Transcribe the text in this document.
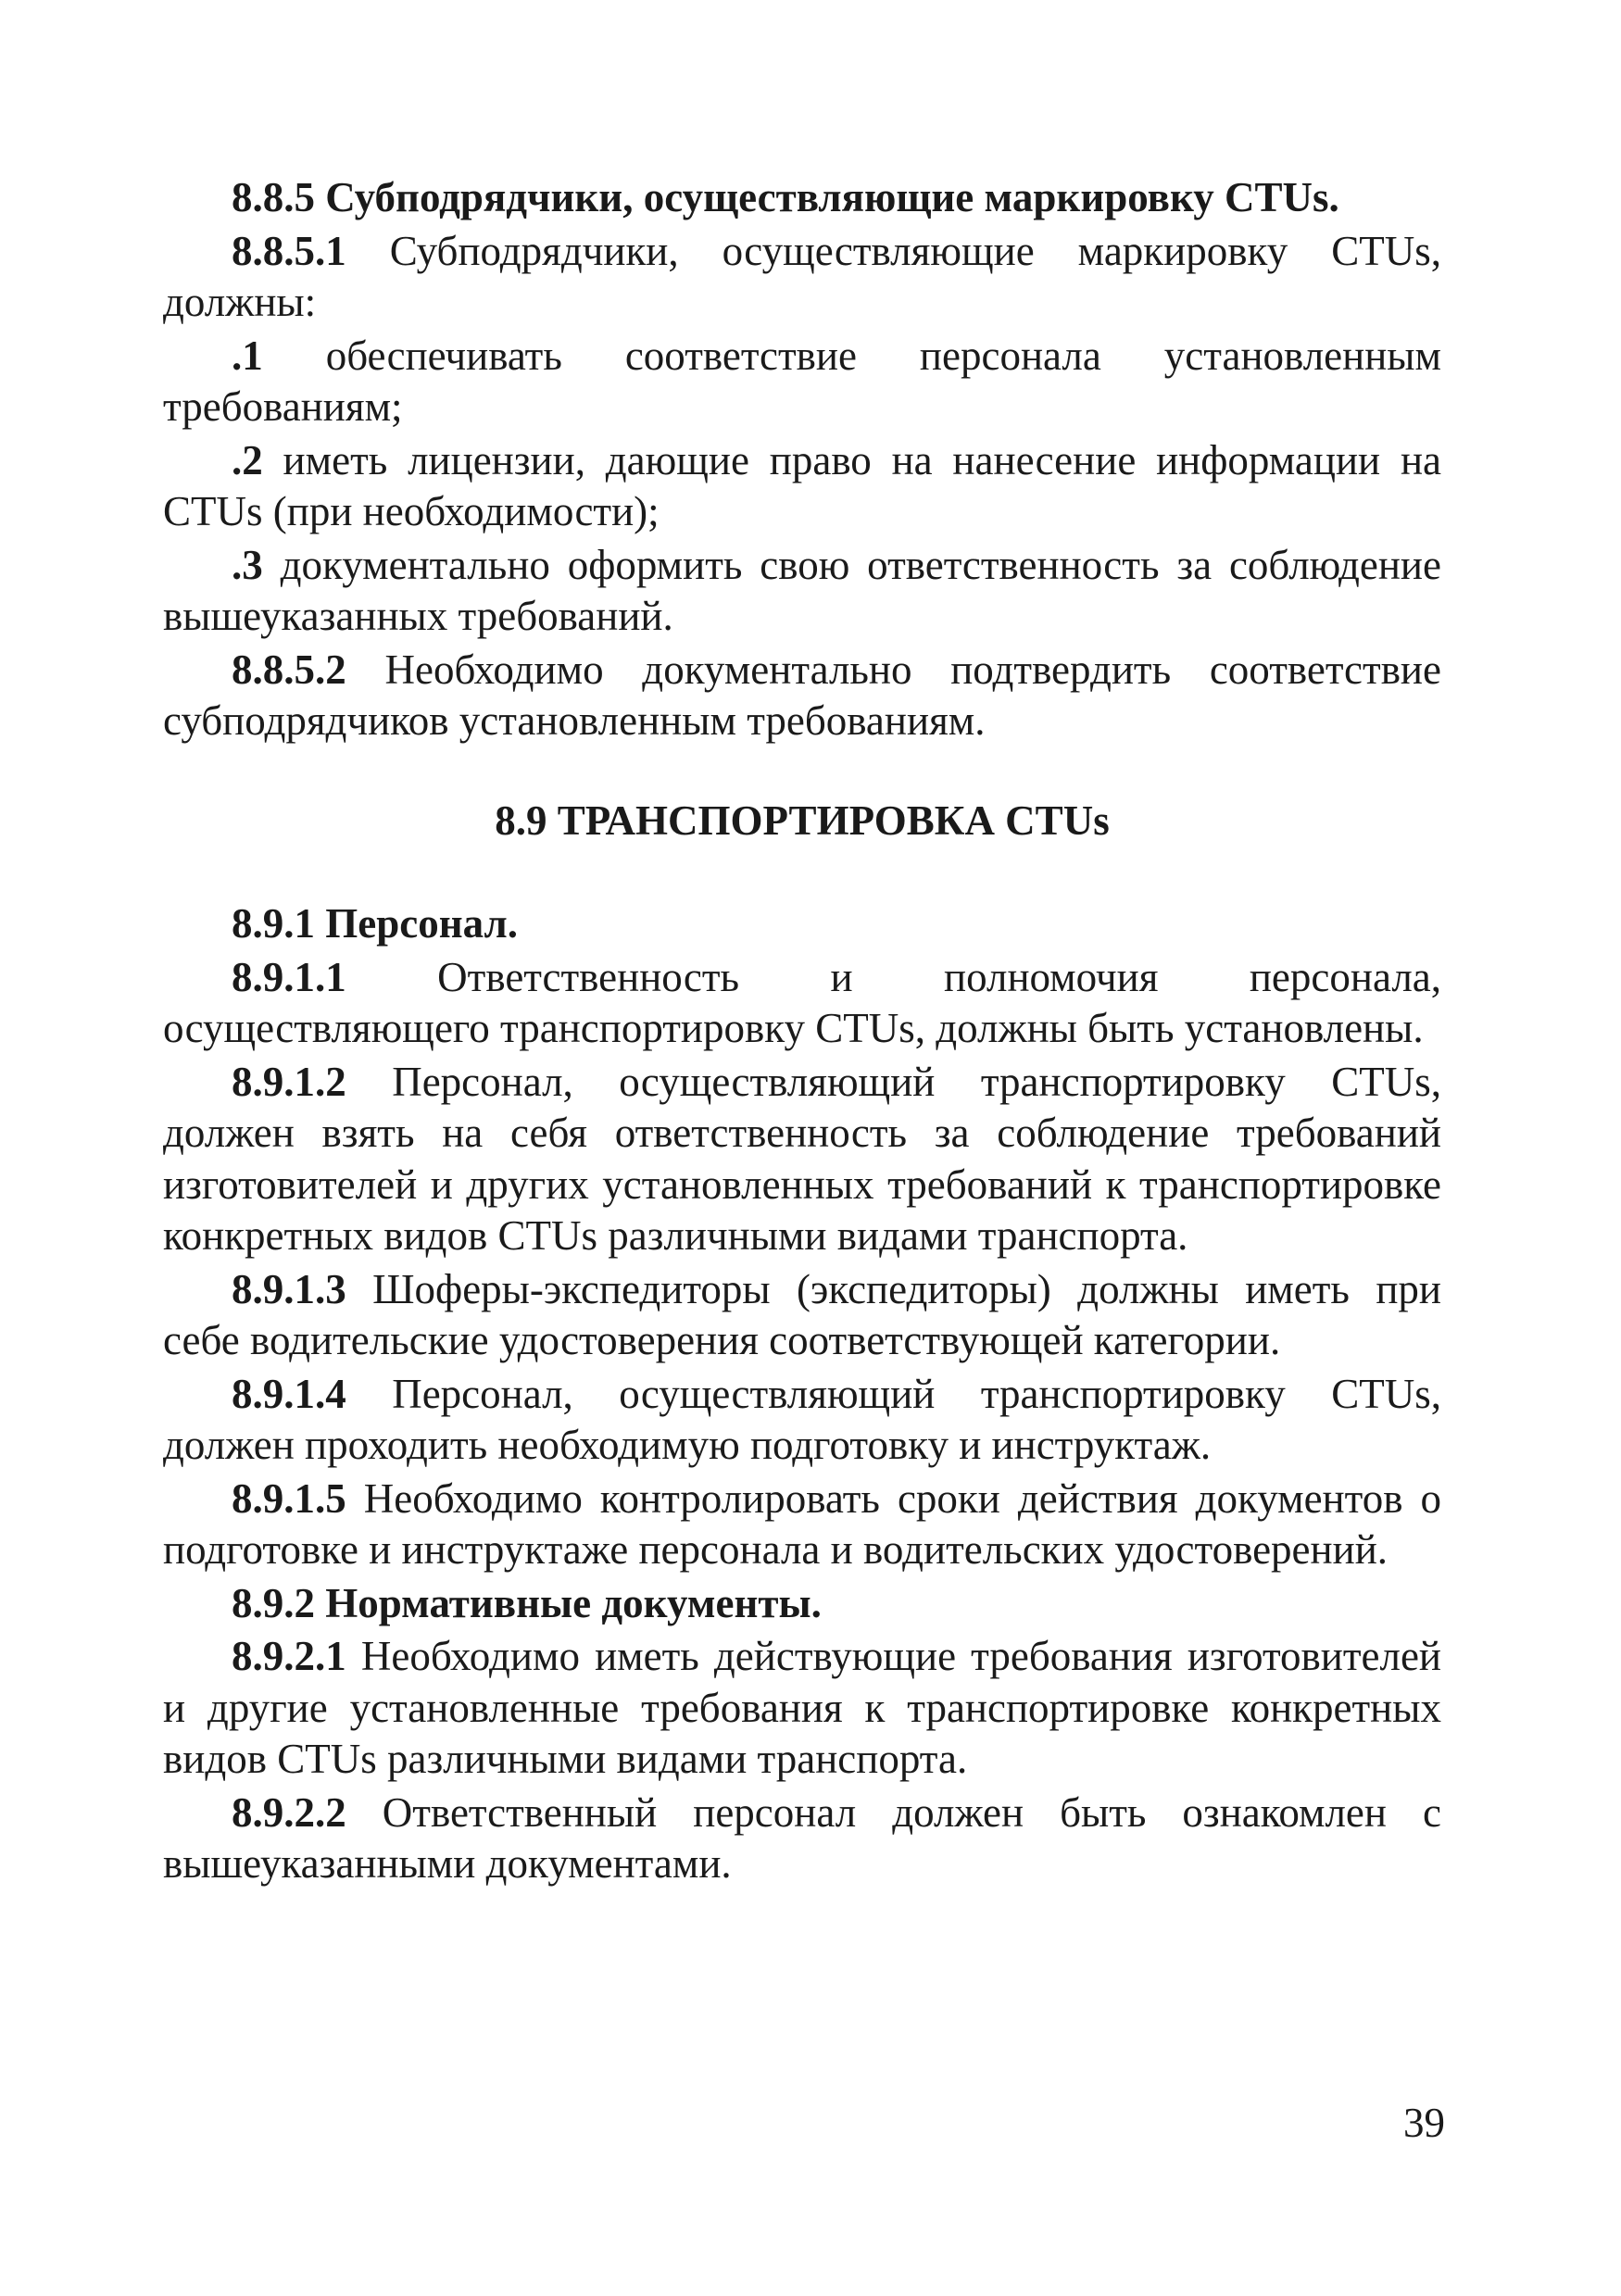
8.8.5 Субподрядчики, осуществляющие маркировку CTUs.

8.8.5.1 Субподрядчики, осуществляющие маркировку CTUs, должны:

.1 обеспечивать соответствие персонала установленным требованиям;

.2 иметь лицензии, дающие право на нанесение информации на CTUs (при необходимости);

.3 документально оформить свою ответственность за соблюдение вышеуказанных требований.

8.8.5.2 Необходимо документально подтвердить соответствие субподрядчиков установленным требованиям.

8.9 ТРАНСПОРТИРОВКА CTUs
8.9.1 Персонал.

8.9.1.1 Ответственность и полномочия персонала, осуществляющего транспортировку CTUs, должны быть установлены.

8.9.1.2 Персонал, осуществляющий транспортировку CTUs, должен взять на себя ответственность за соблюдение требований изготовителей и других установленных требований к транспортировке конкретных видов CTUs различными видами транспорта.

8.9.1.3 Шоферы-экспедиторы (экспедиторы) должны иметь при себе водительские удостоверения соответствующей категории.

8.9.1.4 Персонал, осуществляющий транспортировку CTUs, должен проходить необходимую подготовку и инструктаж.

8.9.1.5 Необходимо контролировать сроки действия документов о подготовке и инструктаже персонала и водительских удостоверений.

8.9.2 Нормативные документы.

8.9.2.1 Необходимо иметь действующие требования изготовителей и другие установленные требования к транспортировке конкретных видов CTUs различными видами транспорта.

8.9.2.2 Ответственный персонал должен быть ознакомлен с вышеуказанными документами.

39
